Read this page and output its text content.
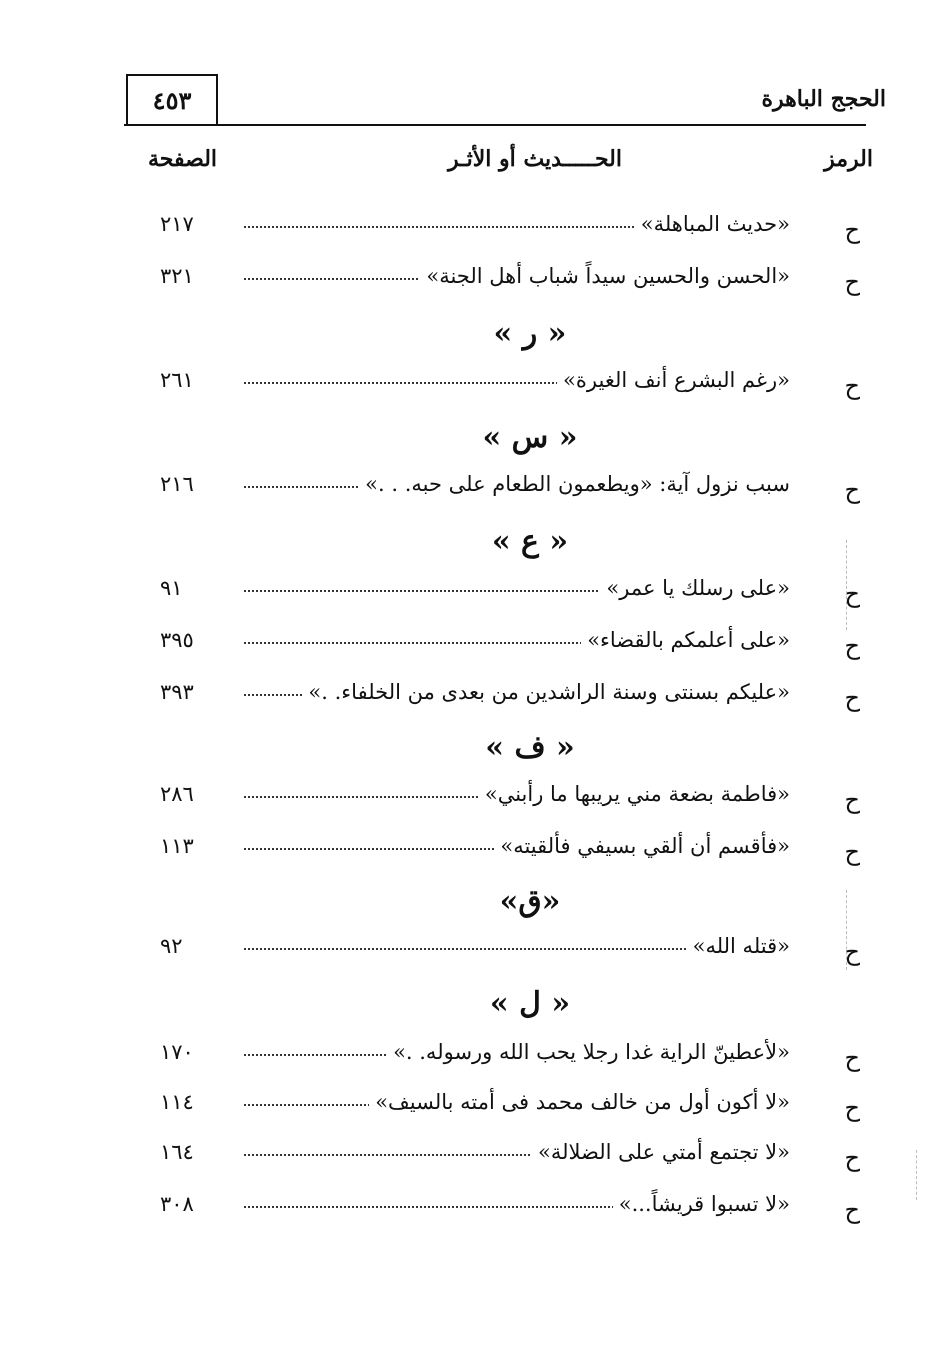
٤٥٣	الحجج الباهرة
الرمز
الحـــــديث أو الأثـر
الصفحة
ح
«حديث المباهلة»
٢١٧
ح
«الحسن والحسين سيداً شباب أهل الجنة»
٣٢١
« ر »
ح
«رغم البشرع أنف الغيرة»
٢٦١
« س »
ح
سبب نزول آية: «ويطعمون الطعام على حبه. . .»
٢١٦
« ع »
ح
«على رسلك يا عمر»
٩١
ح
«على أعلمكم بالقضاء»
٣٩٥
ح
«عليكم بسنتى وسنة الراشدين من بعدى من الخلفاء. .»
٣٩٣
« ف »
ح
«فاطمة بضعة مني يريبها ما رأبني»
٢٨٦
ح
«فأقسم أن ألقي بسيفي فألقيته»
١١٣
«ق»
ح
«قتله الله»
٩٢
« ل »
ح
«لأعطينّ الراية غدا رجلا يحب الله ورسوله. .»
١٧٠
ح
«لا أكون أول من خالف محمد فى أمته بالسيف»
١١٤
ح
«لا تجتمع أمتي على الضلالة»
١٦٤
ح
«لا تسبوا قريشاً...»
٣٠٨
